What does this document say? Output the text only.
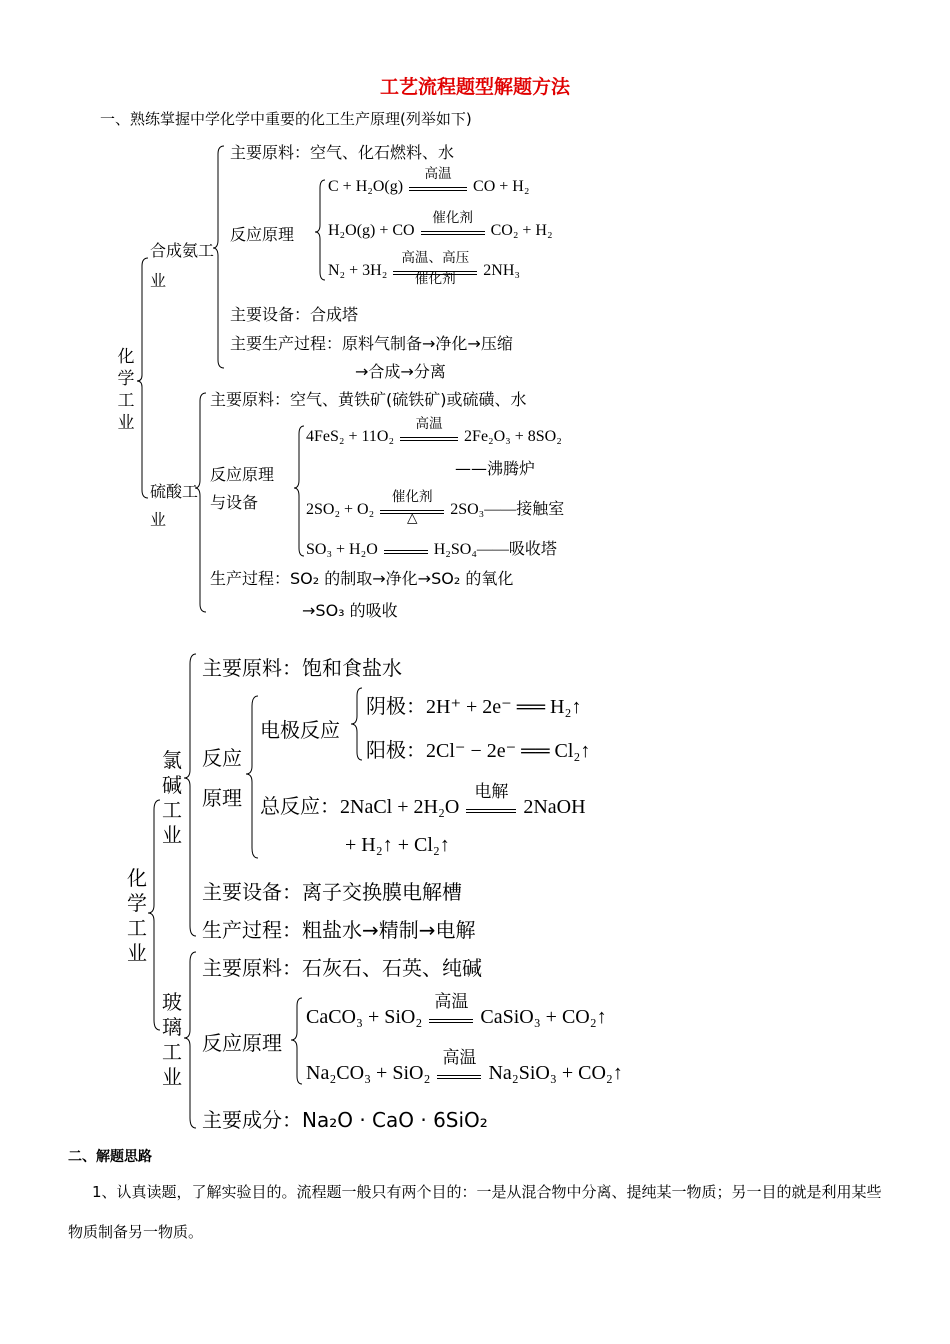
工艺流程题型解题方法
一、熟练掌握中学化学中重要的化工生产原理(列举如下)
化学工业
合成氨工业
主要原料：空气、化石燃料、水
反应原理
C + H₂O(g)
高温
CO + H₂
H₂O(g) + CO
催化剂
CO₂ + H₂
N₂ + 3H₂
高温、高压
催化剂	2NH₃
主要设备：合成塔
主要生产过程：原料气制备→净化→压缩
→合成→分离
硫酸工业
主要原料：空气、黄铁矿(硫铁矿)或硫磺、水
反应原理
与设备
4FeS₂ + 11O₂
高温
2Fe₂O₃ + 8SO₂
——沸腾炉
2SO₂ + O₂
催化剂
△	2SO₃——接触室
SO₃ + H₂O	H₂SO₄——吸收塔
生产过程：SO₂ 的制取→净化→SO₂ 的氧化
→SO₃ 的吸收
化学工业
氯碱工业
主要原料：饱和食盐水
反应
原理
电极反应
阴极：2H⁺ + 2e⁻ ══ H₂↑
阳极：2Cl⁻ − 2e⁻ ══ Cl₂↑
总反应：2NaCl + 2H₂O
电解
2NaOH
+ H₂↑ + Cl₂↑
主要设备：离子交换膜电解槽
生产过程：粗盐水→精制→电解
玻璃工业
主要原料：石灰石、石英、纯碱
反应原理
CaCO₃ + SiO₂
高温
CaSiO₃ + CO₂↑
Na₂CO₃ + SiO₂
高温
Na₂SiO₃ + CO₂↑
主要成分：Na₂O · CaO · 6SiO₂
二、解题思路
1、认真读题，了解实验目的。流程题一般只有两个目的：一是从混合物中分离、提纯某一物质；另一目的就是利用某些物质制备另一物质。
